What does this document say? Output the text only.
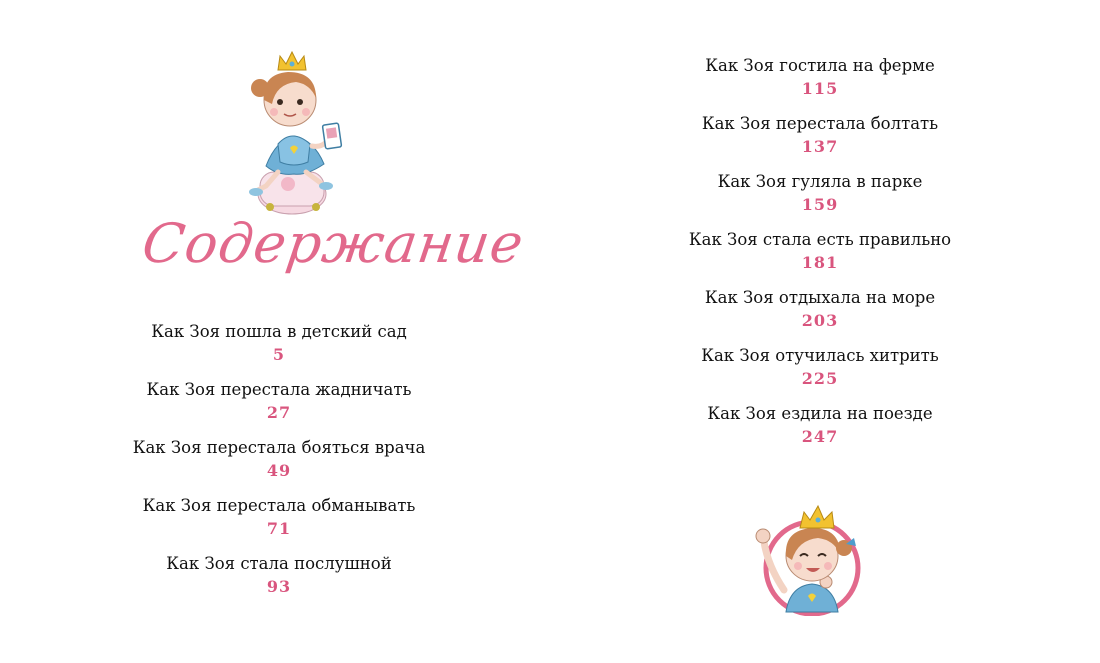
Содержание
Как Зоя пошла в детский сад
5
Как Зоя перестала жадничать
27
Как Зоя перестала бояться врача
49
Как Зоя перестала обманывать
71
Как Зоя стала послушной
93
Как Зоя гостила на ферме
115
Как Зоя перестала болтать
137
Как Зоя гуляла в парке
159
Как Зоя стала есть правильно
181
Как Зоя отдыхала на море
203
Как Зоя отучилась хитрить
225
Как Зоя ездила на поезде
247
